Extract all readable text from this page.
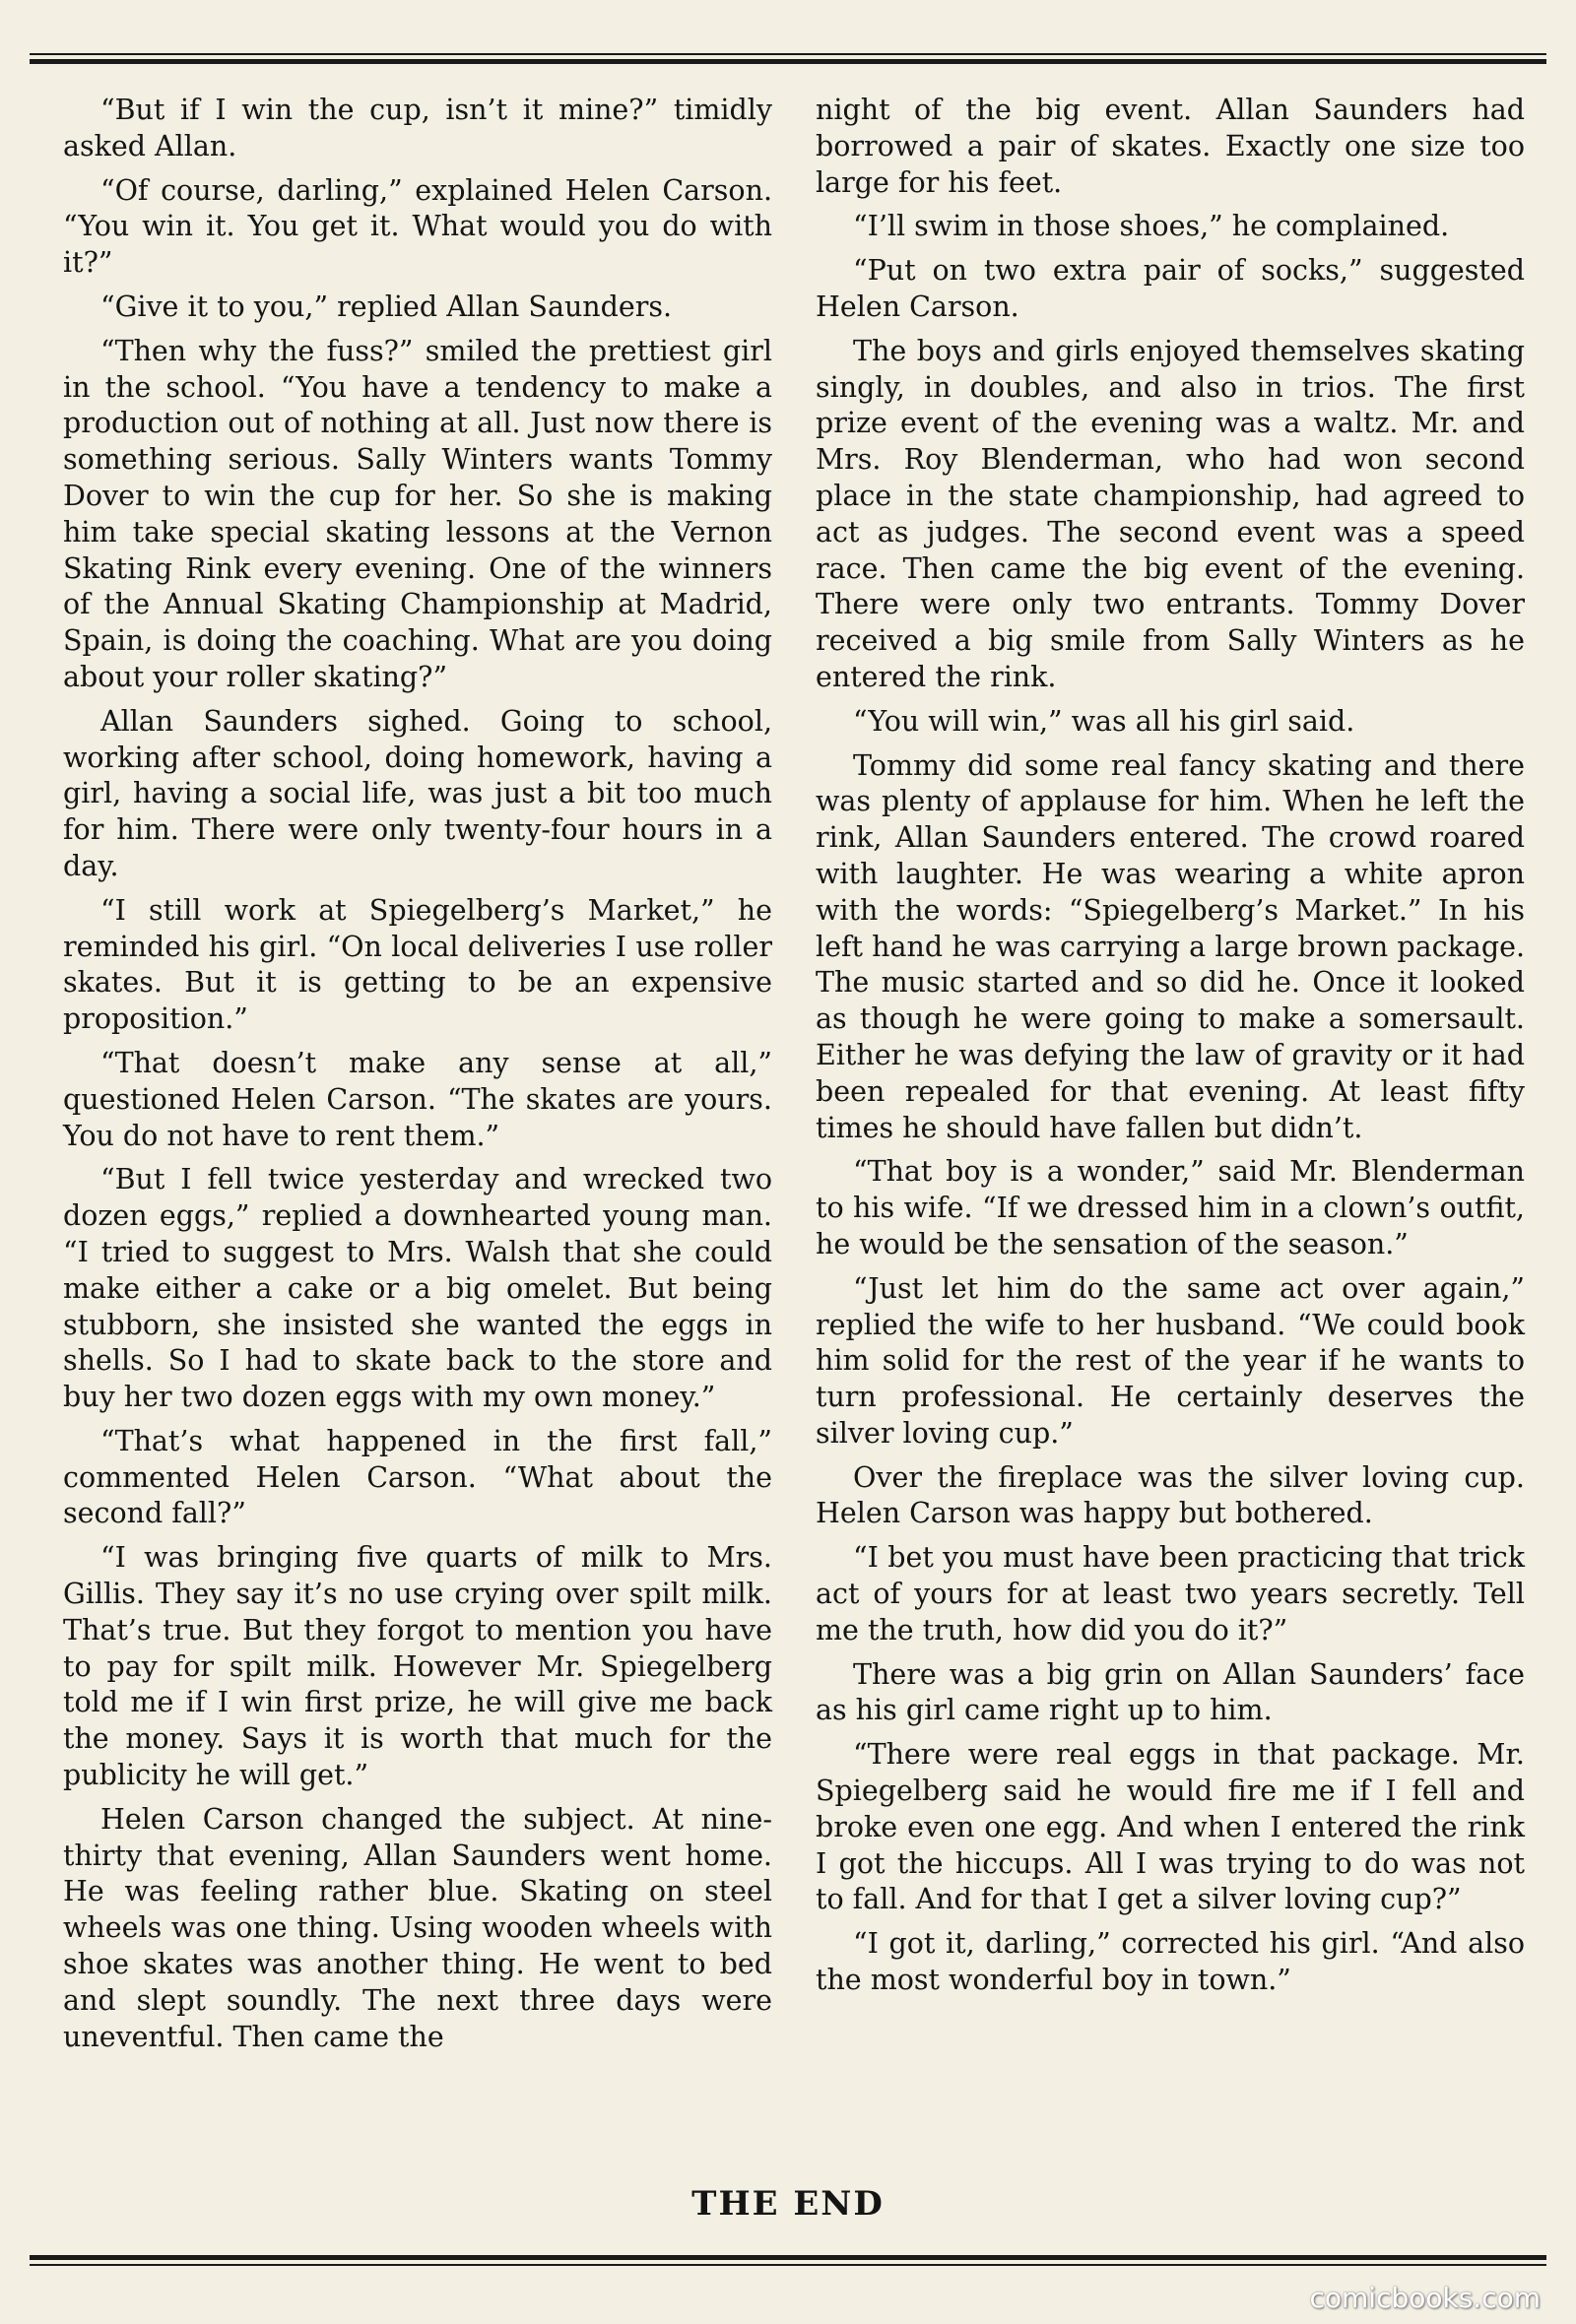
“But if I win the cup, isn’t it mine?” timidly asked Allan.

“Of course, darling,” explained Helen Carson. “You win it. You get it. What would you do with it?”

“Give it to you,” replied Allan Saunders.

“Then why the fuss?” smiled the prettiest girl in the school. “You have a tendency to make a production out of nothing at all. Just now there is something serious. Sally Winters wants Tommy Dover to win the cup for her. So she is making him take special skating lessons at the Vernon Skating Rink every evening. One of the winners of the Annual Skating Championship at Madrid, Spain, is doing the coaching. What are you doing about your roller skating?”

Allan Saunders sighed. Going to school, working after school, doing homework, having a girl, having a social life, was just a bit too much for him. There were only twenty-four hours in a day.

“I still work at Spiegelberg’s Market,” he reminded his girl. “On local deliveries I use roller skates. But it is getting to be an expensive proposition.”

“That doesn’t make any sense at all,” questioned Helen Carson. “The skates are yours. You do not have to rent them.”

“But I fell twice yesterday and wrecked two dozen eggs,” replied a downhearted young man. “I tried to suggest to Mrs. Walsh that she could make either a cake or a big omelet. But being stubborn, she insisted she wanted the eggs in shells. So I had to skate back to the store and buy her two dozen eggs with my own money.”

“That’s what happened in the first fall,” commented Helen Carson. “What about the second fall?”

“I was bringing five quarts of milk to Mrs. Gillis. They say it’s no use crying over spilt milk. That’s true. But they forgot to mention you have to pay for spilt milk. However Mr. Spiegelberg told me if I win first prize, he will give me back the money. Says it is worth that much for the publicity he will get.”

Helen Carson changed the subject. At nine-thirty that evening, Allan Saunders went home. He was feeling rather blue. Skating on steel wheels was one thing. Using wooden wheels with shoe skates was another thing. He went to bed and slept soundly. The next three days were uneventful. Then came the

night of the big event. Allan Saunders had borrowed a pair of skates. Exactly one size too large for his feet.

“I’ll swim in those shoes,” he complained.

“Put on two extra pair of socks,” suggested Helen Carson.

The boys and girls enjoyed themselves skating singly, in doubles, and also in trios. The first prize event of the evening was a waltz. Mr. and Mrs. Roy Blenderman, who had won second place in the state championship, had agreed to act as judges. The second event was a speed race. Then came the big event of the evening. There were only two entrants. Tommy Dover received a big smile from Sally Winters as he entered the rink.

“You will win,” was all his girl said.

Tommy did some real fancy skating and there was plenty of applause for him. When he left the rink, Allan Saunders entered. The crowd roared with laughter. He was wearing a white apron with the words: “Spiegelberg’s Market.” In his left hand he was carrying a large brown package. The music started and so did he. Once it looked as though he were going to make a somersault. Either he was defying the law of gravity or it had been repealed for that evening. At least fifty times he should have fallen but didn’t.

“That boy is a wonder,” said Mr. Blenderman to his wife. “If we dressed him in a clown’s outfit, he would be the sensation of the season.”

“Just let him do the same act over again,” replied the wife to her husband. “We could book him solid for the rest of the year if he wants to turn professional. He certainly deserves the silver loving cup.”

Over the fireplace was the silver loving cup. Helen Carson was happy but bothered.

“I bet you must have been practicing that trick act of yours for at least two years secretly. Tell me the truth, how did you do it?”

There was a big grin on Allan Saunders’ face as his girl came right up to him.

“There were real eggs in that package. Mr. Spiegelberg said he would fire me if I fell and broke even one egg. And when I entered the rink I got the hiccups. All I was trying to do was not to fall. And for that I get a silver loving cup?”

“I got it, darling,” corrected his girl. “And also the most wonderful boy in town.”

THE END
comicbooks.com
